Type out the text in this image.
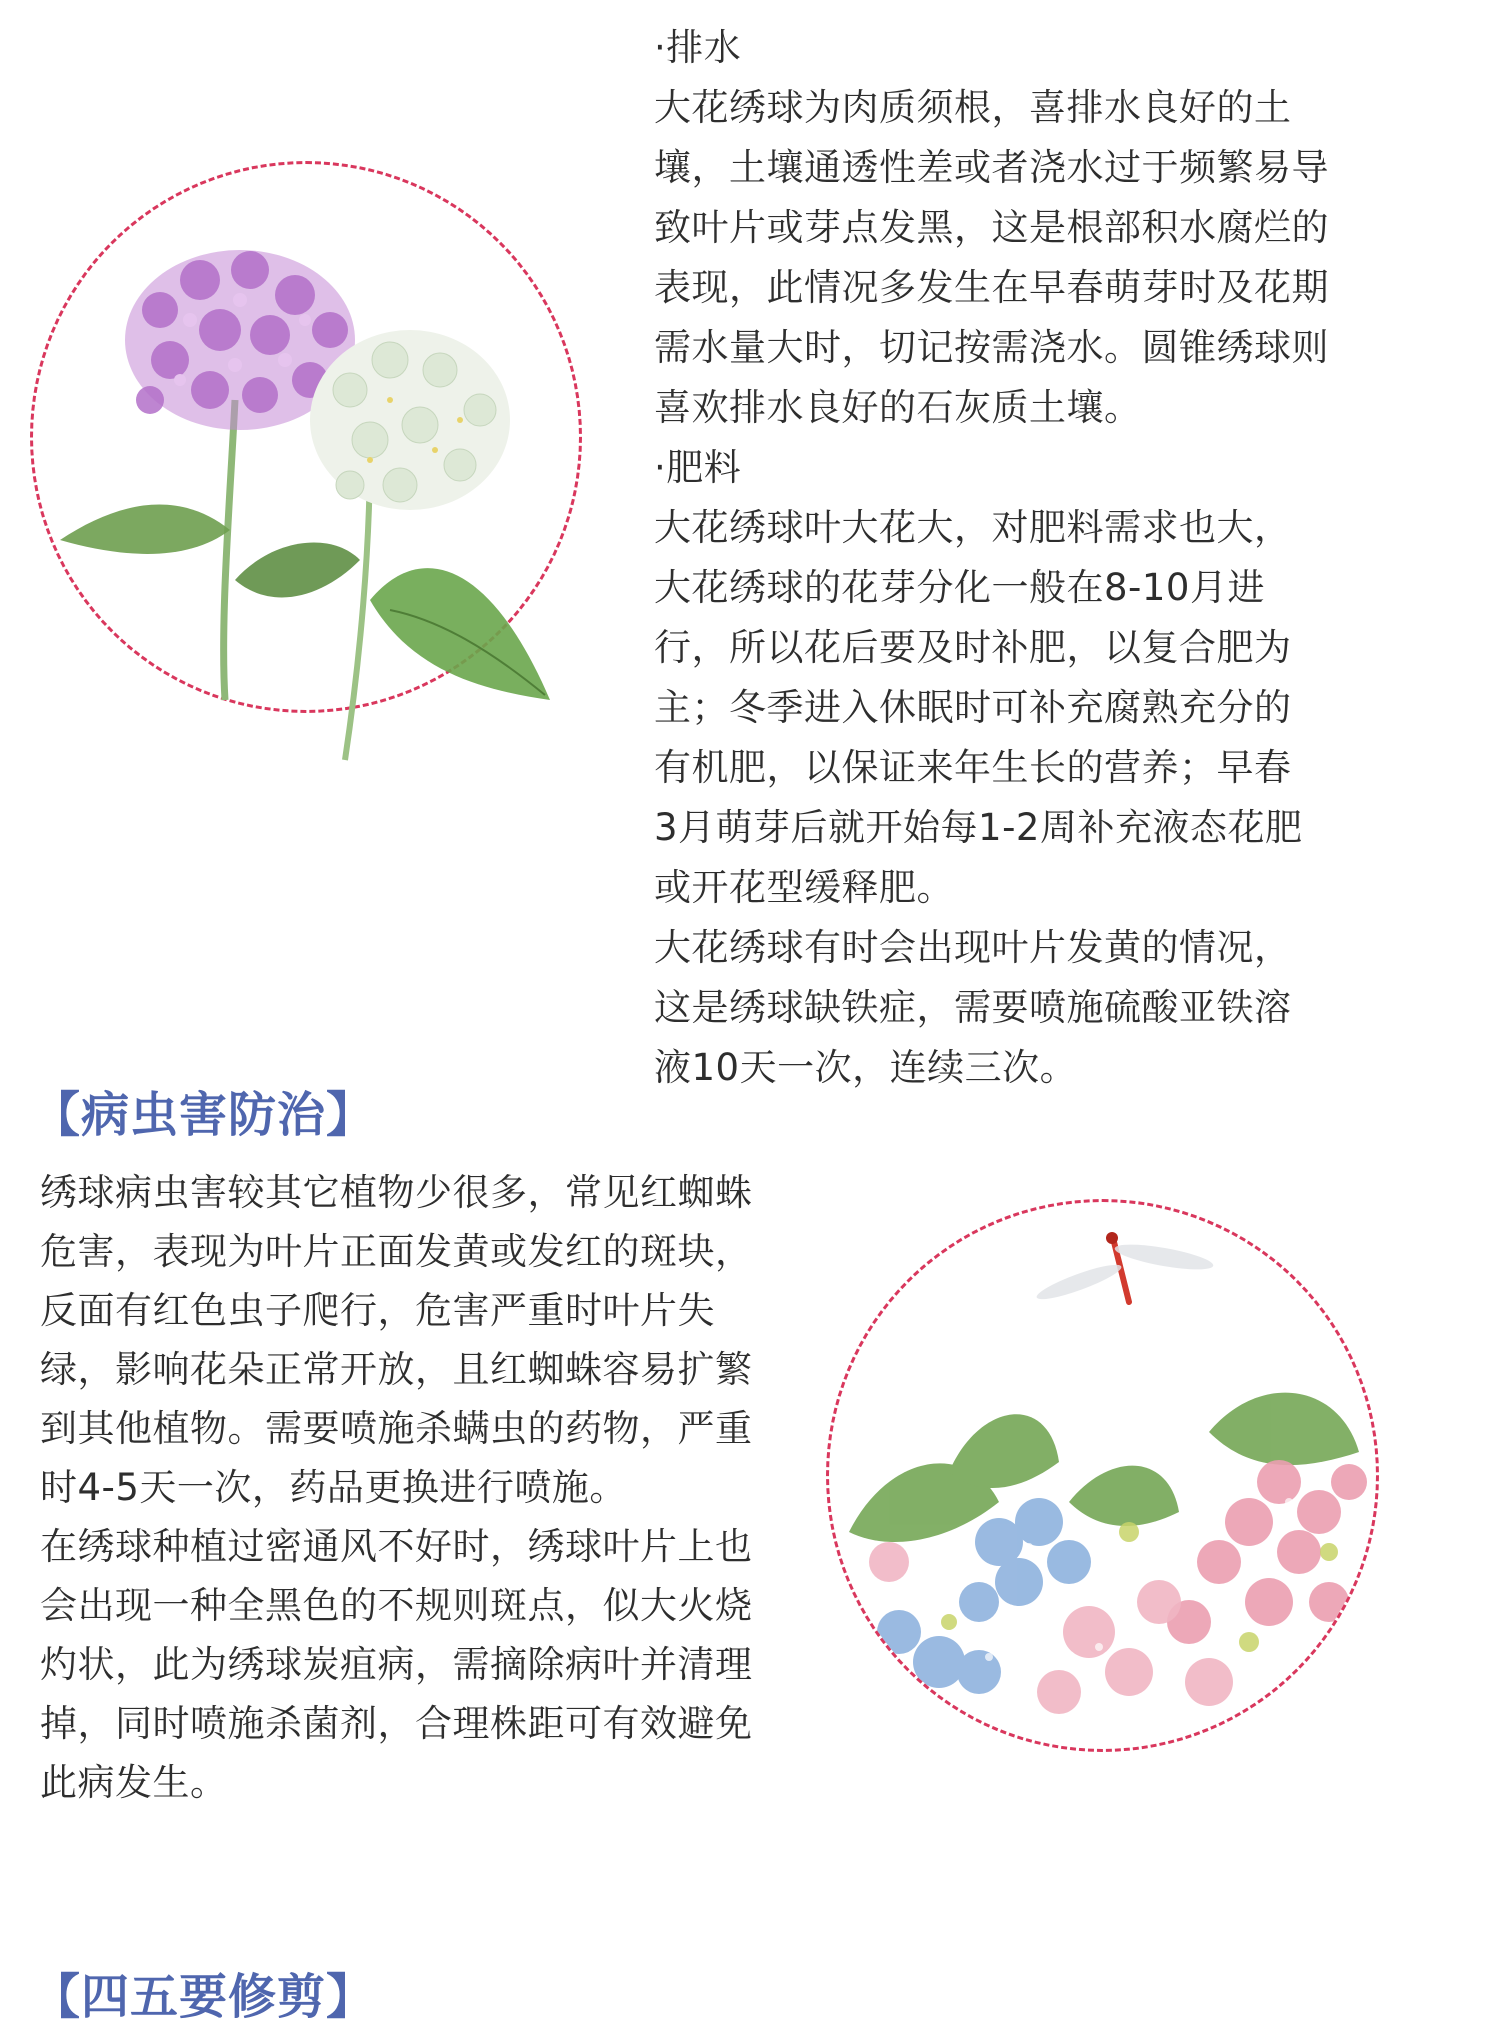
·排水
大花绣球为肉质须根，喜排水良好的土
壤，土壤通透性差或者浇水过于频繁易导
致叶片或芽点发黑，这是根部积水腐烂的
表现，此情况多发生在早春萌芽时及花期
需水量大时，切记按需浇水。圆锥绣球则
喜欢排水良好的石灰质土壤。
·肥料
大花绣球叶大花大，对肥料需求也大，
大花绣球的花芽分化一般在8-10月进
行，所以花后要及时补肥，以复合肥为
主；冬季进入休眠时可补充腐熟充分的
有机肥，以保证来年生长的营养；早春
3月萌芽后就开始每1-2周补充液态花肥
或开花型缓释肥。
大花绣球有时会出现叶片发黄的情况，
这是绣球缺铁症，需要喷施硫酸亚铁溶
液10天一次，连续三次。
【病虫害防治】
绣球病虫害较其它植物少很多，常见红蜘蛛
危害，表现为叶片正面发黄或发红的斑块，
反面有红色虫子爬行，危害严重时叶片失
绿，影响花朵正常开放，且红蜘蛛容易扩繁
到其他植物。需要喷施杀螨虫的药物，严重
时4-5天一次，药品更换进行喷施。
在绣球种植过密通风不好时，绣球叶片上也
会出现一种全黑色的不规则斑点，似大火烧
灼状，此为绣球炭疽病，需摘除病叶并清理
掉，同时喷施杀菌剂，合理株距可有效避免
此病发生。
【四五要修剪】
